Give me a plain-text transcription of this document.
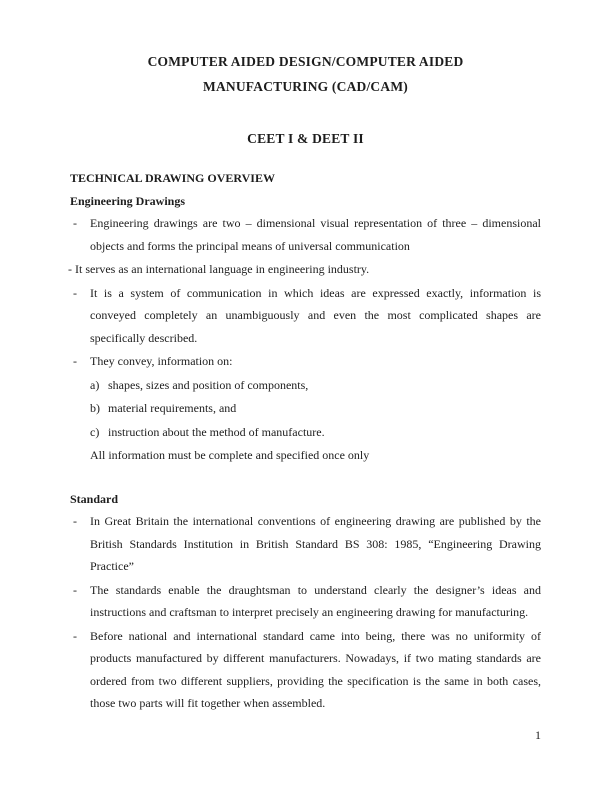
COMPUTER AIDED DESIGN/COMPUTER AIDED
MANUFACTURING (CAD/CAM)
CEET I & DEET II
TECHNICAL DRAWING OVERVIEW
Engineering Drawings
-	Engineering drawings are two – dimensional visual representation of three – dimensional objects and forms the principal means of universal communication
- It serves as an international language in engineering industry.
-	It is a system of communication in which ideas are expressed exactly, information is conveyed completely an unambiguously and even the most complicated shapes are specifically described.
-	They convey, information on:
a) shapes, sizes and position of components,
b) material requirements, and
c) instruction about the method of manufacture.
All information must be complete and specified once only
Standard
-	In Great Britain the international conventions of engineering drawing are published by the British Standards Institution in British Standard BS 308: 1985, “Engineering Drawing Practice”
-	The standards enable the draughtsman to understand clearly the designer’s ideas and instructions and craftsman to interpret precisely an engineering drawing for manufacturing.
-	Before national and international standard came into being, there was no uniformity of products manufactured by different manufacturers. Nowadays, if two mating standards are ordered from two different suppliers, providing the specification is the same in both cases, those two parts will fit together when assembled.
1
